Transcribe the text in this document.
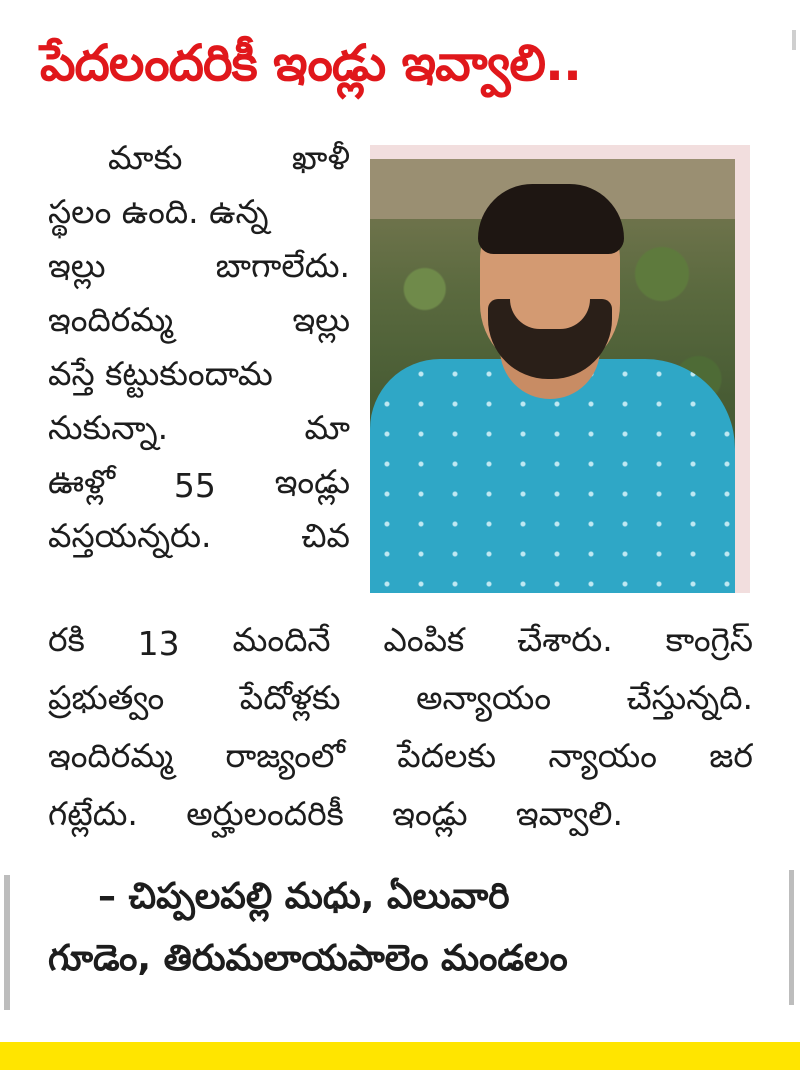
పేదలందరికీ ఇండ్లు ఇవ్వాలి..
మాకు	ఖాళీ
స్థలం ఉంది. ఉన్న
ఇల్లు	బాగాలేదు.
ఇందిరమ్మ	ఇల్లు
వస్తే కట్టుకుందామ
నుకున్నా.	మా
ఊళ్లో 55 ఇండ్లు
వస్తయన్నరు.	చివ
రకి 13 మందినే ఎంపిక చేశారు. కాంగ్రెస్
ప్రభుత్వం పేదోళ్లకు అన్యాయం చేస్తున్నది.
ఇందిరమ్మ రాజ్యంలో పేదలకు న్యాయం జర
గట్లేదు. అర్హులందరికీ ఇండ్లు ఇవ్వాలి.
– చిప్పలపల్లి మధు, ఏలువారి
గూడెం, తిరుమలాయపాలెం మండలం
